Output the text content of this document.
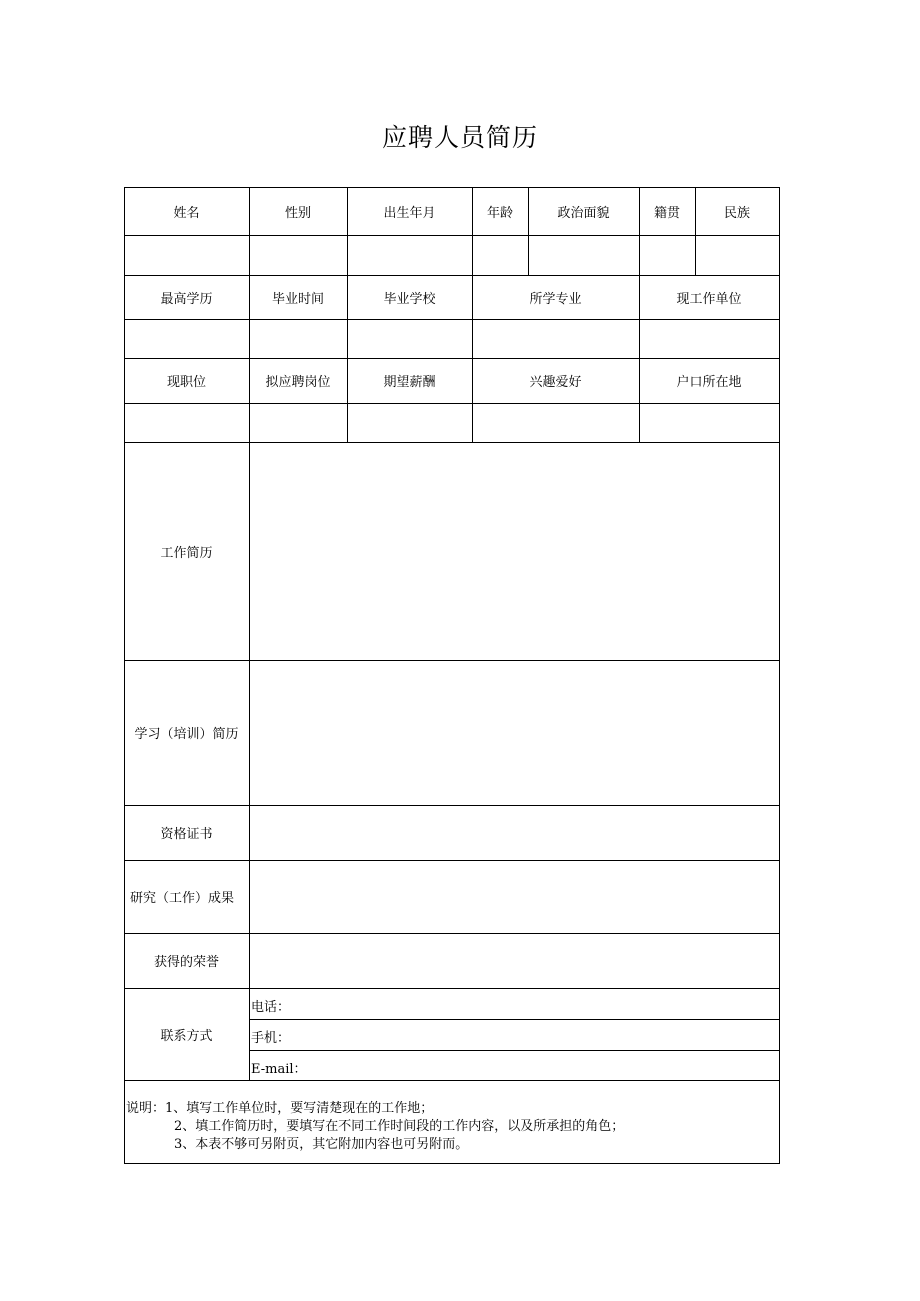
应聘人员简历
姓名	性别	出生年月	年龄	政治面貌	籍贯	民族
最高学历	毕业时间	毕业学校	所学专业	现工作单位
现职位	拟应聘岗位	期望薪酬	兴趣爱好	户口所在地
工作简历
学习（培训）简历
资格证书
研究（工作）成果
获得的荣誉
联系方式
电话：
手机：
E-mail：
说明：1、填写工作单位时，要写清楚现在的工作地；
2、填工作简历时，要填写在不同工作时间段的工作内容，以及所承担的角色；
3、本表不够可另附页，其它附加内容也可另附而。
